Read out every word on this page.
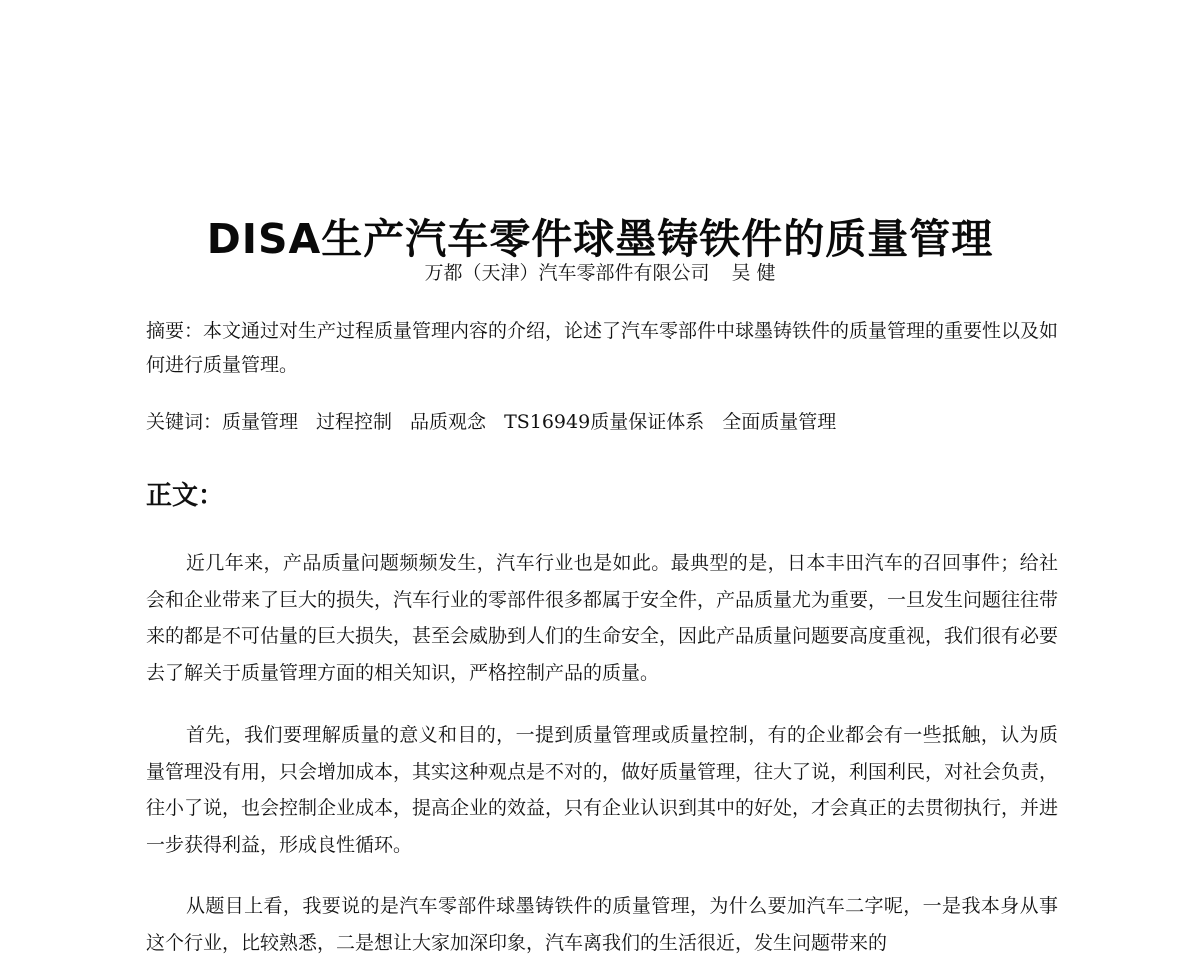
DISA生产汽车零件球墨铸铁件的质量管理
万都（天津）汽车零部件有限公司 吴 健

摘要：本文通过对生产过程质量管理内容的介绍，论述了汽车零部件中球墨铸铁件的质量管理的重要性以及如何进行质量管理。

关键词：质量管理 过程控制 品质观念 TS16949质量保证体系 全面质量管理

正文：

近几年来，产品质量问题频频发生，汽车行业也是如此。最典型的是，日本丰田汽车的召回事件；给社会和企业带来了巨大的损失，汽车行业的零部件很多都属于安全件，产品质量尤为重要，一旦发生问题往往带来的都是不可估量的巨大损失，甚至会威胁到人们的生命安全，因此产品质量问题要高度重视，我们很有必要去了解关于质量管理方面的相关知识，严格控制产品的质量。

首先，我们要理解质量的意义和目的，一提到质量管理或质量控制，有的企业都会有一些抵触，认为质量管理没有用，只会增加成本，其实这种观点是不对的，做好质量管理，往大了说，利国利民，对社会负责，往小了说，也会控制企业成本，提高企业的效益，只有企业认识到其中的好处，才会真正的去贯彻执行，并进一步获得利益，形成良性循环。

从题目上看，我要说的是汽车零部件球墨铸铁件的质量管理，为什么要加汽车二字呢，一是我本身从事这个行业，比较熟悉，二是想让大家加深印象，汽车离我们的生活很近，发生问题带来的
